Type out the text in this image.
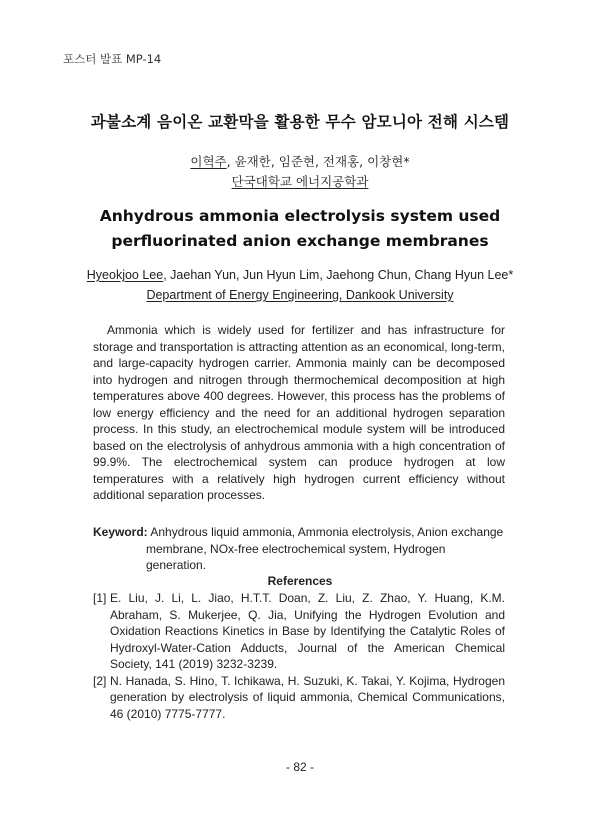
포스터 발표 MP-14
과불소계 음이온 교환막을 활용한 무수 암모니아 전해 시스템
이혁주, 윤재한, 임준현, 전재홍, 이창현*
단국대학교 에너지공학과
Anhydrous ammonia electrolysis system used perfluorinated anion exchange membranes
Hyeokjoo Lee, Jaehan Yun, Jun Hyun Lim, Jaehong Chun, Chang Hyun Lee*
Department of Energy Engineering, Dankook University

Ammonia which is widely used for fertilizer and has infrastructure for storage and transportation is attracting attention as an economical, long-term, and large-capacity hydrogen carrier. Ammonia mainly can be decomposed into hydrogen and nitrogen through thermochemical decomposition at high temperatures above 400 degrees. However, this process has the problems of low energy efficiency and the need for an additional hydrogen separation process. In this study, an electrochemical module system will be introduced based on the electrolysis of anhydrous ammonia with a high concentration of 99.9%. The electrochemical system can produce hydrogen at low temperatures with a relatively high hydrogen current efficiency without additional separation processes.

Keyword: Anhydrous liquid ammonia, Ammonia electrolysis, Anion exchange
membrane, NOx-free electrochemical system, Hydrogen generation.
References
[1] E. Liu, J. Li, L. Jiao, H.T.T. Doan, Z. Liu, Z. Zhao, Y. Huang, K.M. Abraham, S. Mukerjee, Q. Jia, Unifying the Hydrogen Evolution and Oxidation Reactions Kinetics in Base by Identifying the Catalytic Roles of Hydroxyl-Water-Cation Adducts, Journal of the American Chemical Society, 141 (2019) 3232-3239.
[2] N. Hanada, S. Hino, T. Ichikawa, H. Suzuki, K. Takai, Y. Kojima, Hydrogen generation by electrolysis of liquid ammonia, Chemical Communications, 46 (2010) 7775-7777.
- 82 -
